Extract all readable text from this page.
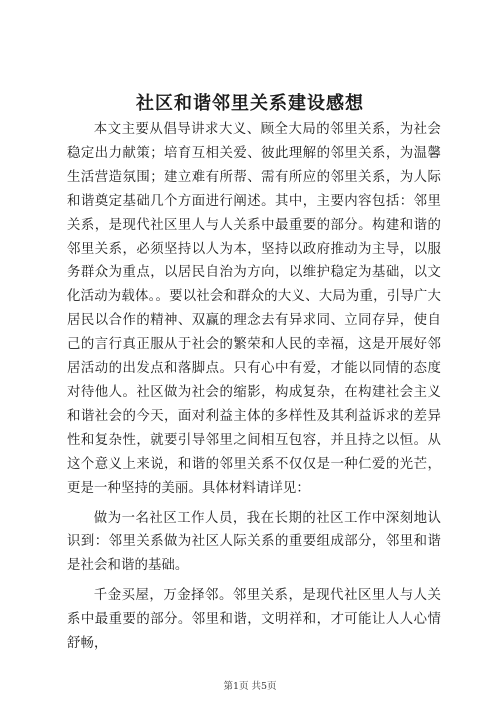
社区和谐邻里关系建设感想

本文主要从倡导讲求大义、顾全大局的邻里关系，为社会稳定出力献策；培育互相关爱、彼此理解的邻里关系，为温馨生活营造氛围；建立难有所帮、需有所应的邻里关系，为人际和谐奠定基础几个方面进行阐述。其中，主要内容包括：邻里关系，是现代社区里人与人关系中最重要的部分。构建和谐的邻里关系，必须坚持以人为本，坚持以政府推动为主导，以服务群众为重点，以居民自治为方向，以维护稳定为基础，以文化活动为载体。。要以社会和群众的大义、大局为重，引导广大居民以合作的精神、双赢的理念去有异求同、立同存异，使自己的言行真正服从于社会的繁荣和人民的幸福，这是开展好邻居活动的出发点和落脚点。只有心中有爱，才能以同情的态度对待他人。社区做为社会的缩影，构成复杂，在构建社会主义和谐社会的今天，面对利益主体的多样性及其利益诉求的差异性和复杂性，就要引导邻里之间相互包容，并且持之以恒。从这个意义上来说，和谐的邻里关系不仅仅是一种仁爱的光芒，更是一种坚持的美丽。具体材料请详见：

做为一名社区工作人员，我在长期的社区工作中深刻地认识到：邻里关系做为社区人际关系的重要组成部分，邻里和谐是社会和谐的基础。

千金买屋，万金择邻。邻里关系，是现代社区里人与人关系中最重要的部分。邻里和谐，文明祥和，才可能让人人心情舒畅，

第1页 共5页
